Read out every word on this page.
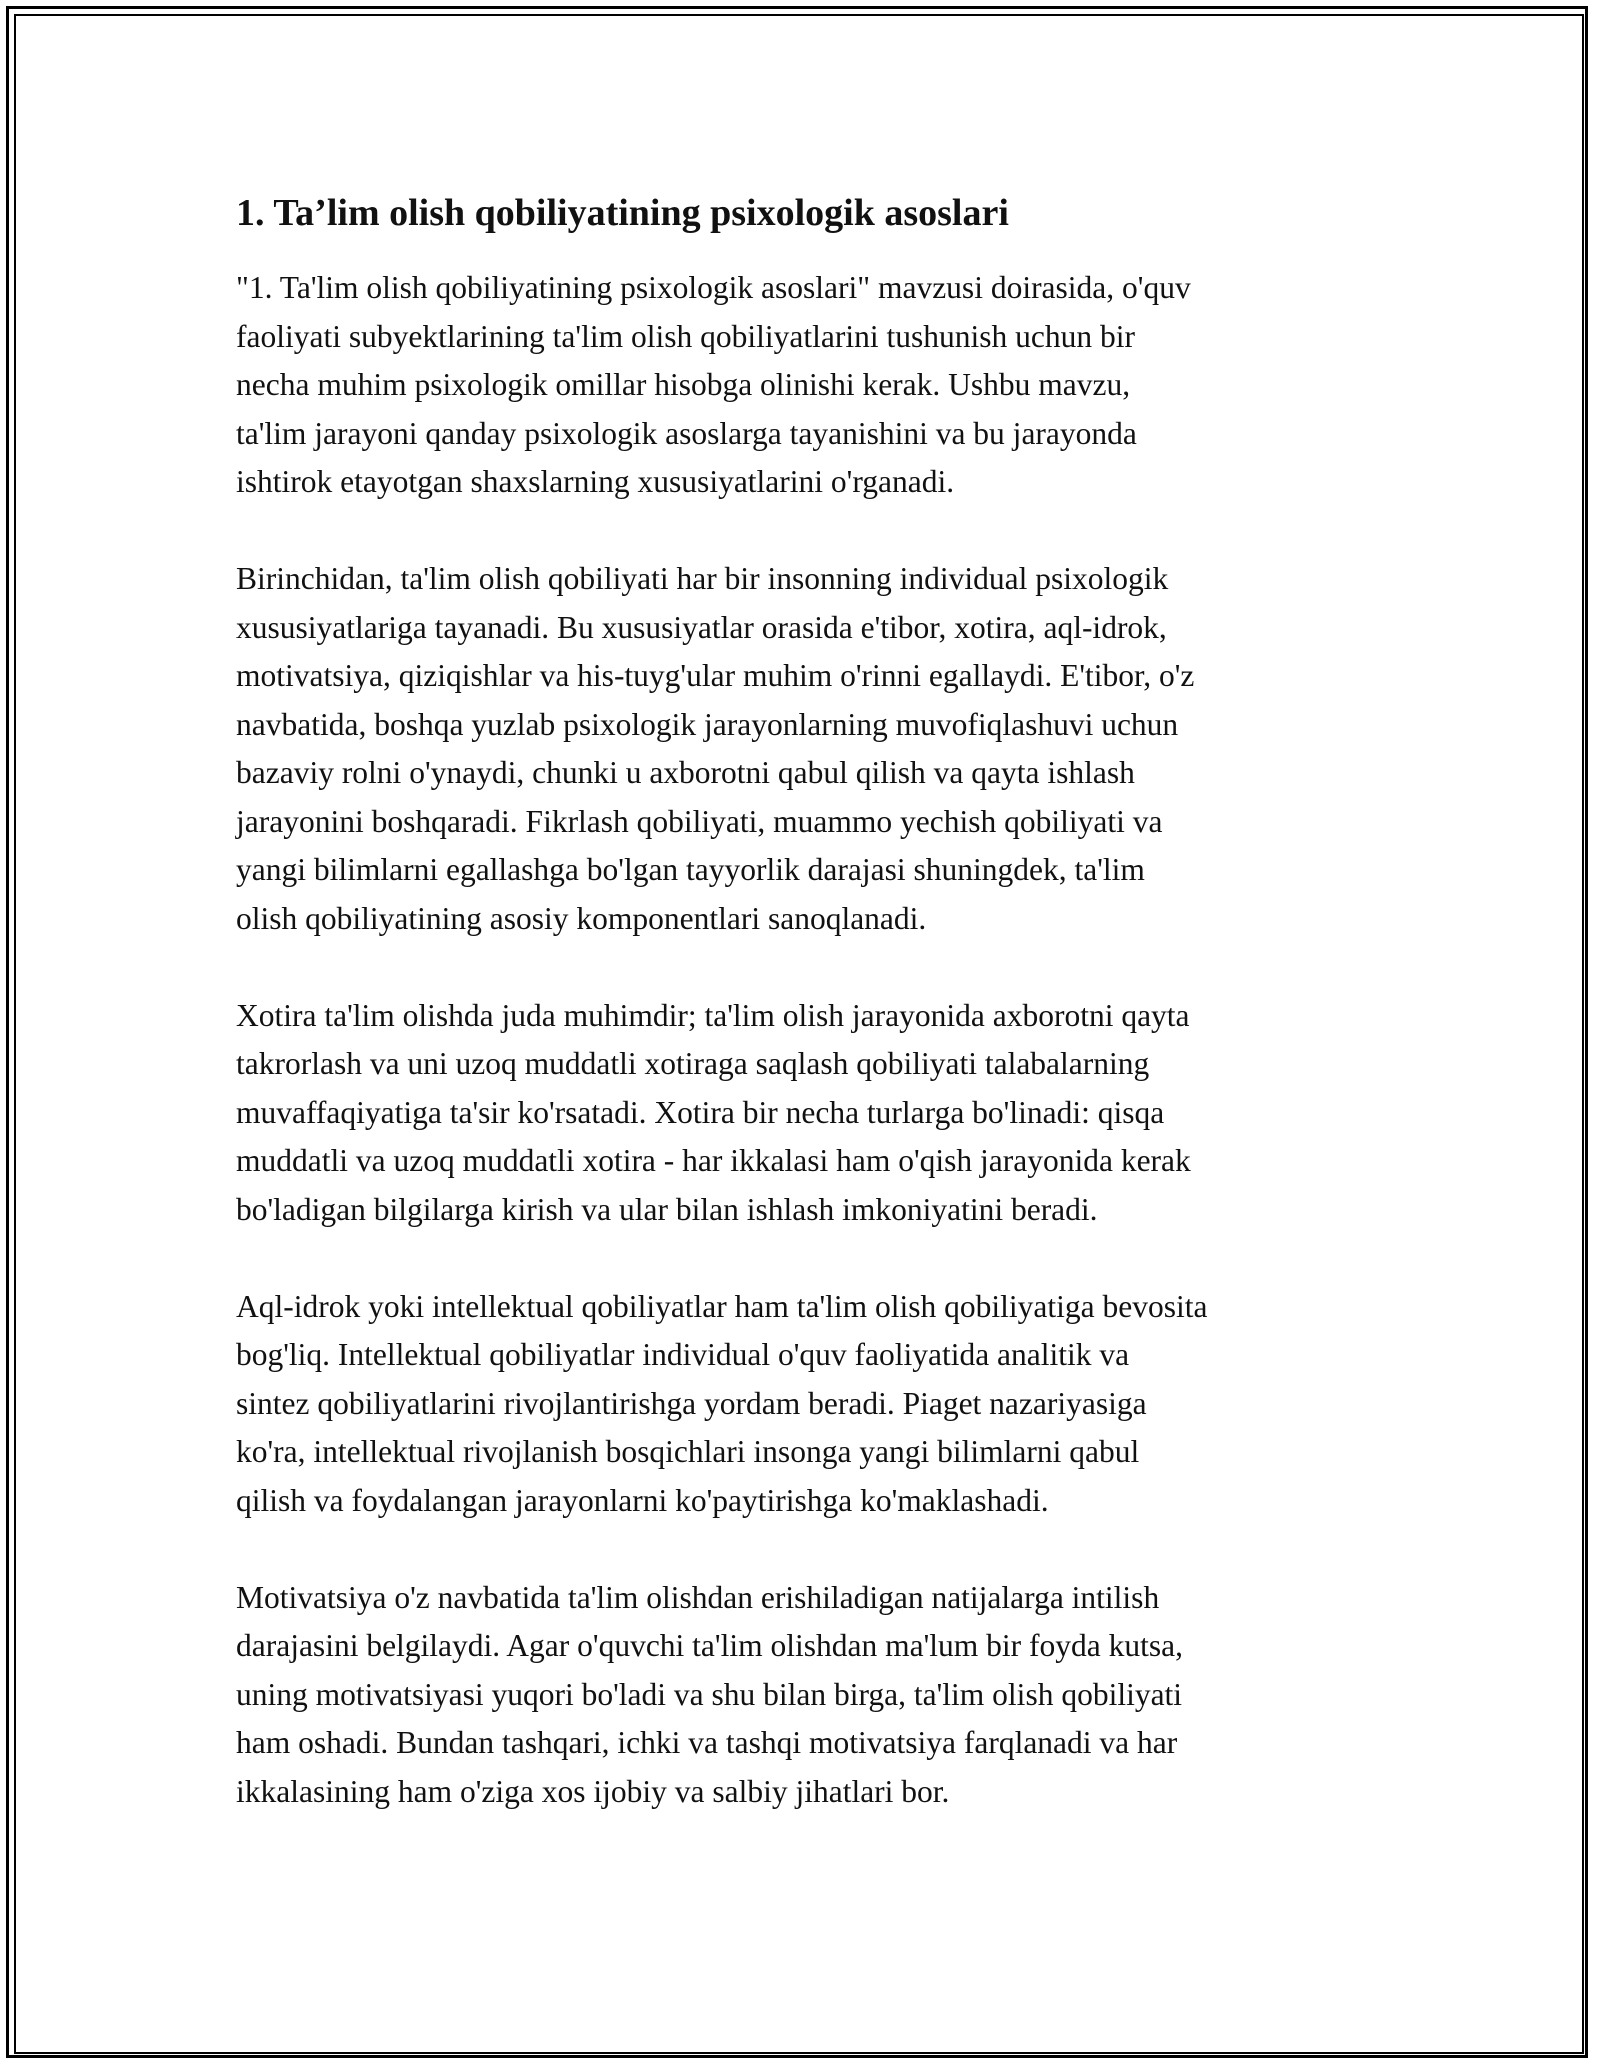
1. Ta’lim olish qobiliyatining psixologik asoslari

"1. Ta'lim olish qobiliyatining psixologik asoslari" mavzusi doirasida, o'quv
faoliyati subyektlarining ta'lim olish qobiliyatlarini tushunish uchun bir
necha muhim psixologik omillar hisobga olinishi kerak. Ushbu mavzu,
ta'lim jarayoni qanday psixologik asoslarga tayanishini va bu jarayonda
ishtirok etayotgan shaxslarning xususiyatlarini o'rganadi.

Birinchidan, ta'lim olish qobiliyati har bir insonning individual psixologik
xususiyatlariga tayanadi. Bu xususiyatlar orasida e'tibor, xotira, aql-idrok,
motivatsiya, qiziqishlar va his-tuyg'ular muhim o'rinni egallaydi. E'tibor, o'z
navbatida, boshqa yuzlab psixologik jarayonlarning muvofiqlashuvi uchun
bazaviy rolni o'ynaydi, chunki u axborotni qabul qilish va qayta ishlash
jarayonini boshqaradi. Fikrlash qobiliyati, muammo yechish qobiliyati va
yangi bilimlarni egallashga bo'lgan tayyorlik darajasi shuningdek, ta'lim
olish qobiliyatining asosiy komponentlari sanoqlanadi.

Xotira ta'lim olishda juda muhimdir; ta'lim olish jarayonida axborotni qayta
takrorlash va uni uzoq muddatli xotiraga saqlash qobiliyati talabalarning
muvaffaqiyatiga ta'sir ko'rsatadi. Xotira bir necha turlarga bo'linadi: qisqa
muddatli va uzoq muddatli xotira - har ikkalasi ham o'qish jarayonida kerak
bo'ladigan bilgilarga kirish va ular bilan ishlash imkoniyatini beradi.

Aql-idrok yoki intellektual qobiliyatlar ham ta'lim olish qobiliyatiga bevosita
bog'liq. Intellektual qobiliyatlar individual o'quv faoliyatida analitik va
sintez qobiliyatlarini rivojlantirishga yordam beradi. Piaget nazariyasiga
ko'ra, intellektual rivojlanish bosqichlari insonga yangi bilimlarni qabul
qilish va foydalangan jarayonlarni ko'paytirishga ko'maklashadi.

Motivatsiya o'z navbatida ta'lim olishdan erishiladigan natijalarga intilish
darajasini belgilaydi. Agar o'quvchi ta'lim olishdan ma'lum bir foyda kutsa,
uning motivatsiyasi yuqori bo'ladi va shu bilan birga, ta'lim olish qobiliyati
ham oshadi. Bundan tashqari, ichki va tashqi motivatsiya farqlanadi va har
ikkalasining ham o'ziga xos ijobiy va salbiy jihatlari bor.
